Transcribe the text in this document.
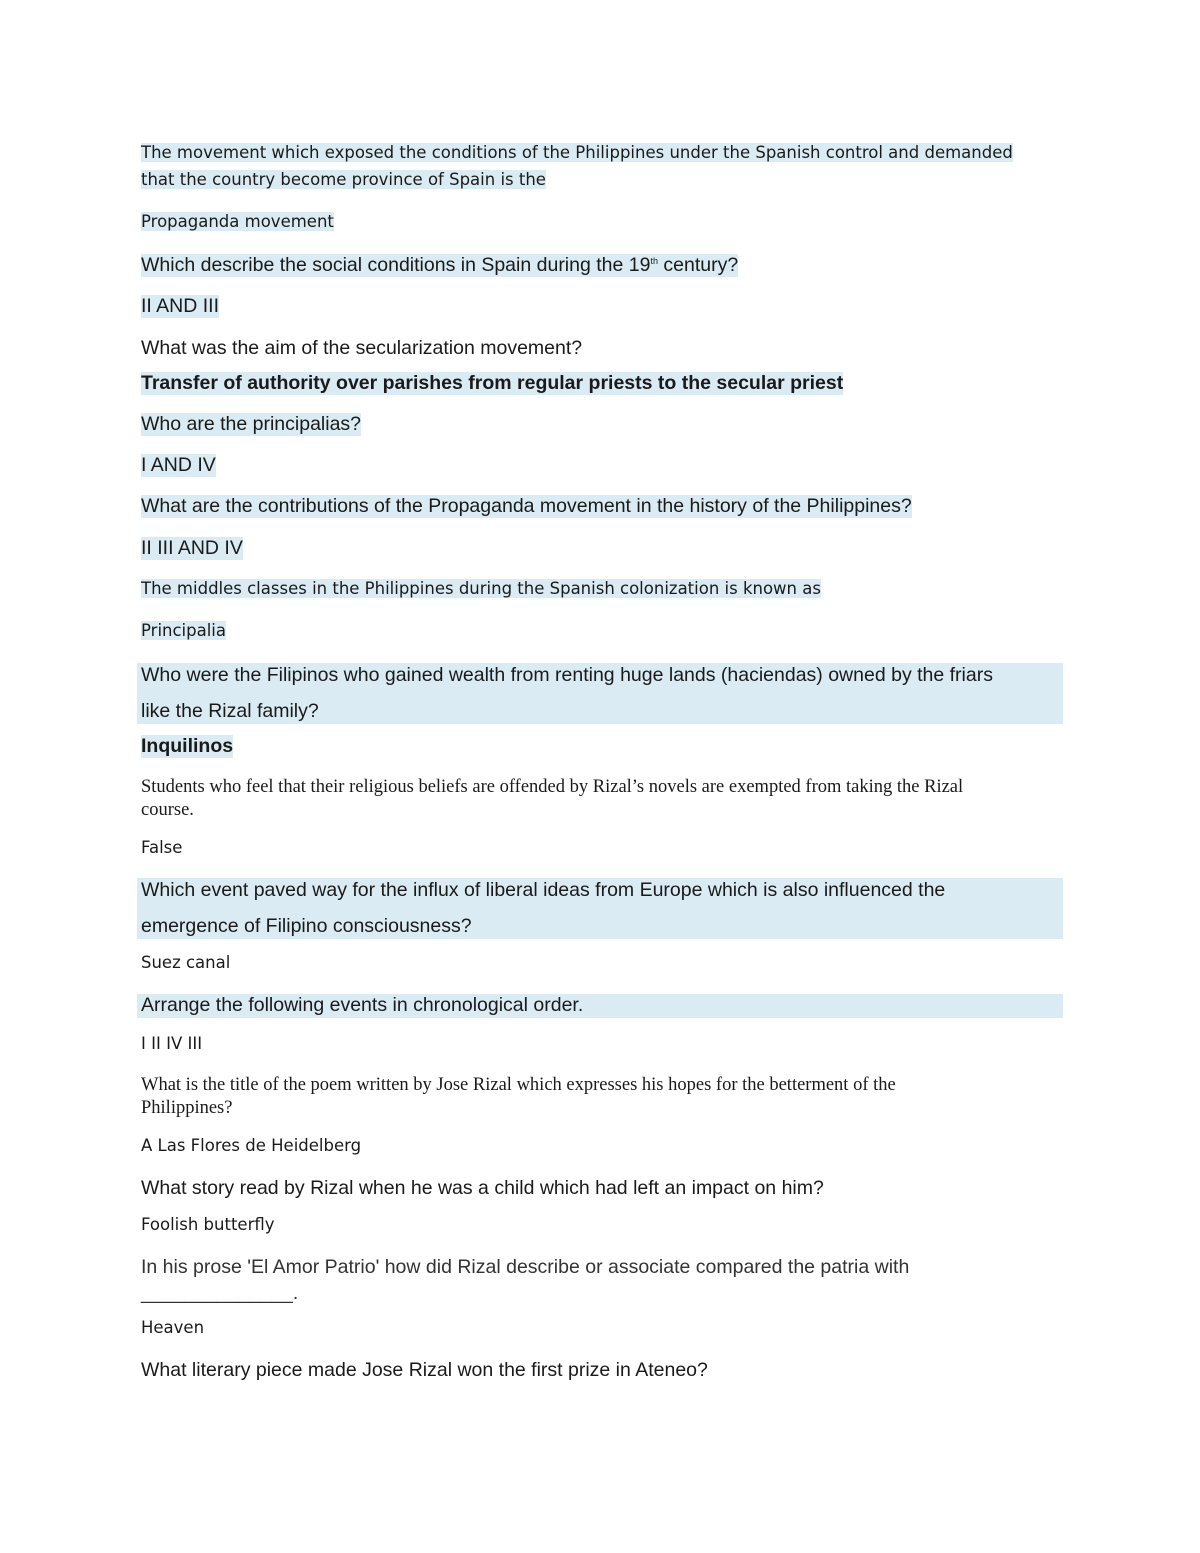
The movement which exposed the conditions of the Philippines under the Spanish control and demanded
that the country become province of Spain is the
Propaganda movement
Which describe the social conditions in Spain during the 19th century?
II AND III
What was the aim of the secularization movement?
Transfer of authority over parishes from regular priests to the secular priest
Who are the principalias?
I AND IV
What are the contributions of the Propaganda movement in the history of the Philippines?
II III AND IV
The middles classes in the Philippines during the Spanish colonization is known as
Principalia
Who were the Filipinos who gained wealth from renting huge lands (haciendas) owned by the friars
like the Rizal family?
Inquilinos
Students who feel that their religious beliefs are offended by Rizal’s novels are exempted from taking the Rizal
course.
False
Which event paved way for the influx of liberal ideas from Europe which is also influenced the
emergence of Filipino consciousness?
Suez canal
Arrange the following events in chronological order.
I II IV III
What is the title of the poem written by Jose Rizal which expresses his hopes for the betterment of the
Philippines?
A Las Flores de Heidelberg
What story read by Rizal when he was a child which had left an impact on him?
Foolish butterfly
In his prose 'El Amor Patrio' how did Rizal describe or associate compared the patria with
______________.
Heaven
What literary piece made Jose Rizal won the first prize in Ateneo?
